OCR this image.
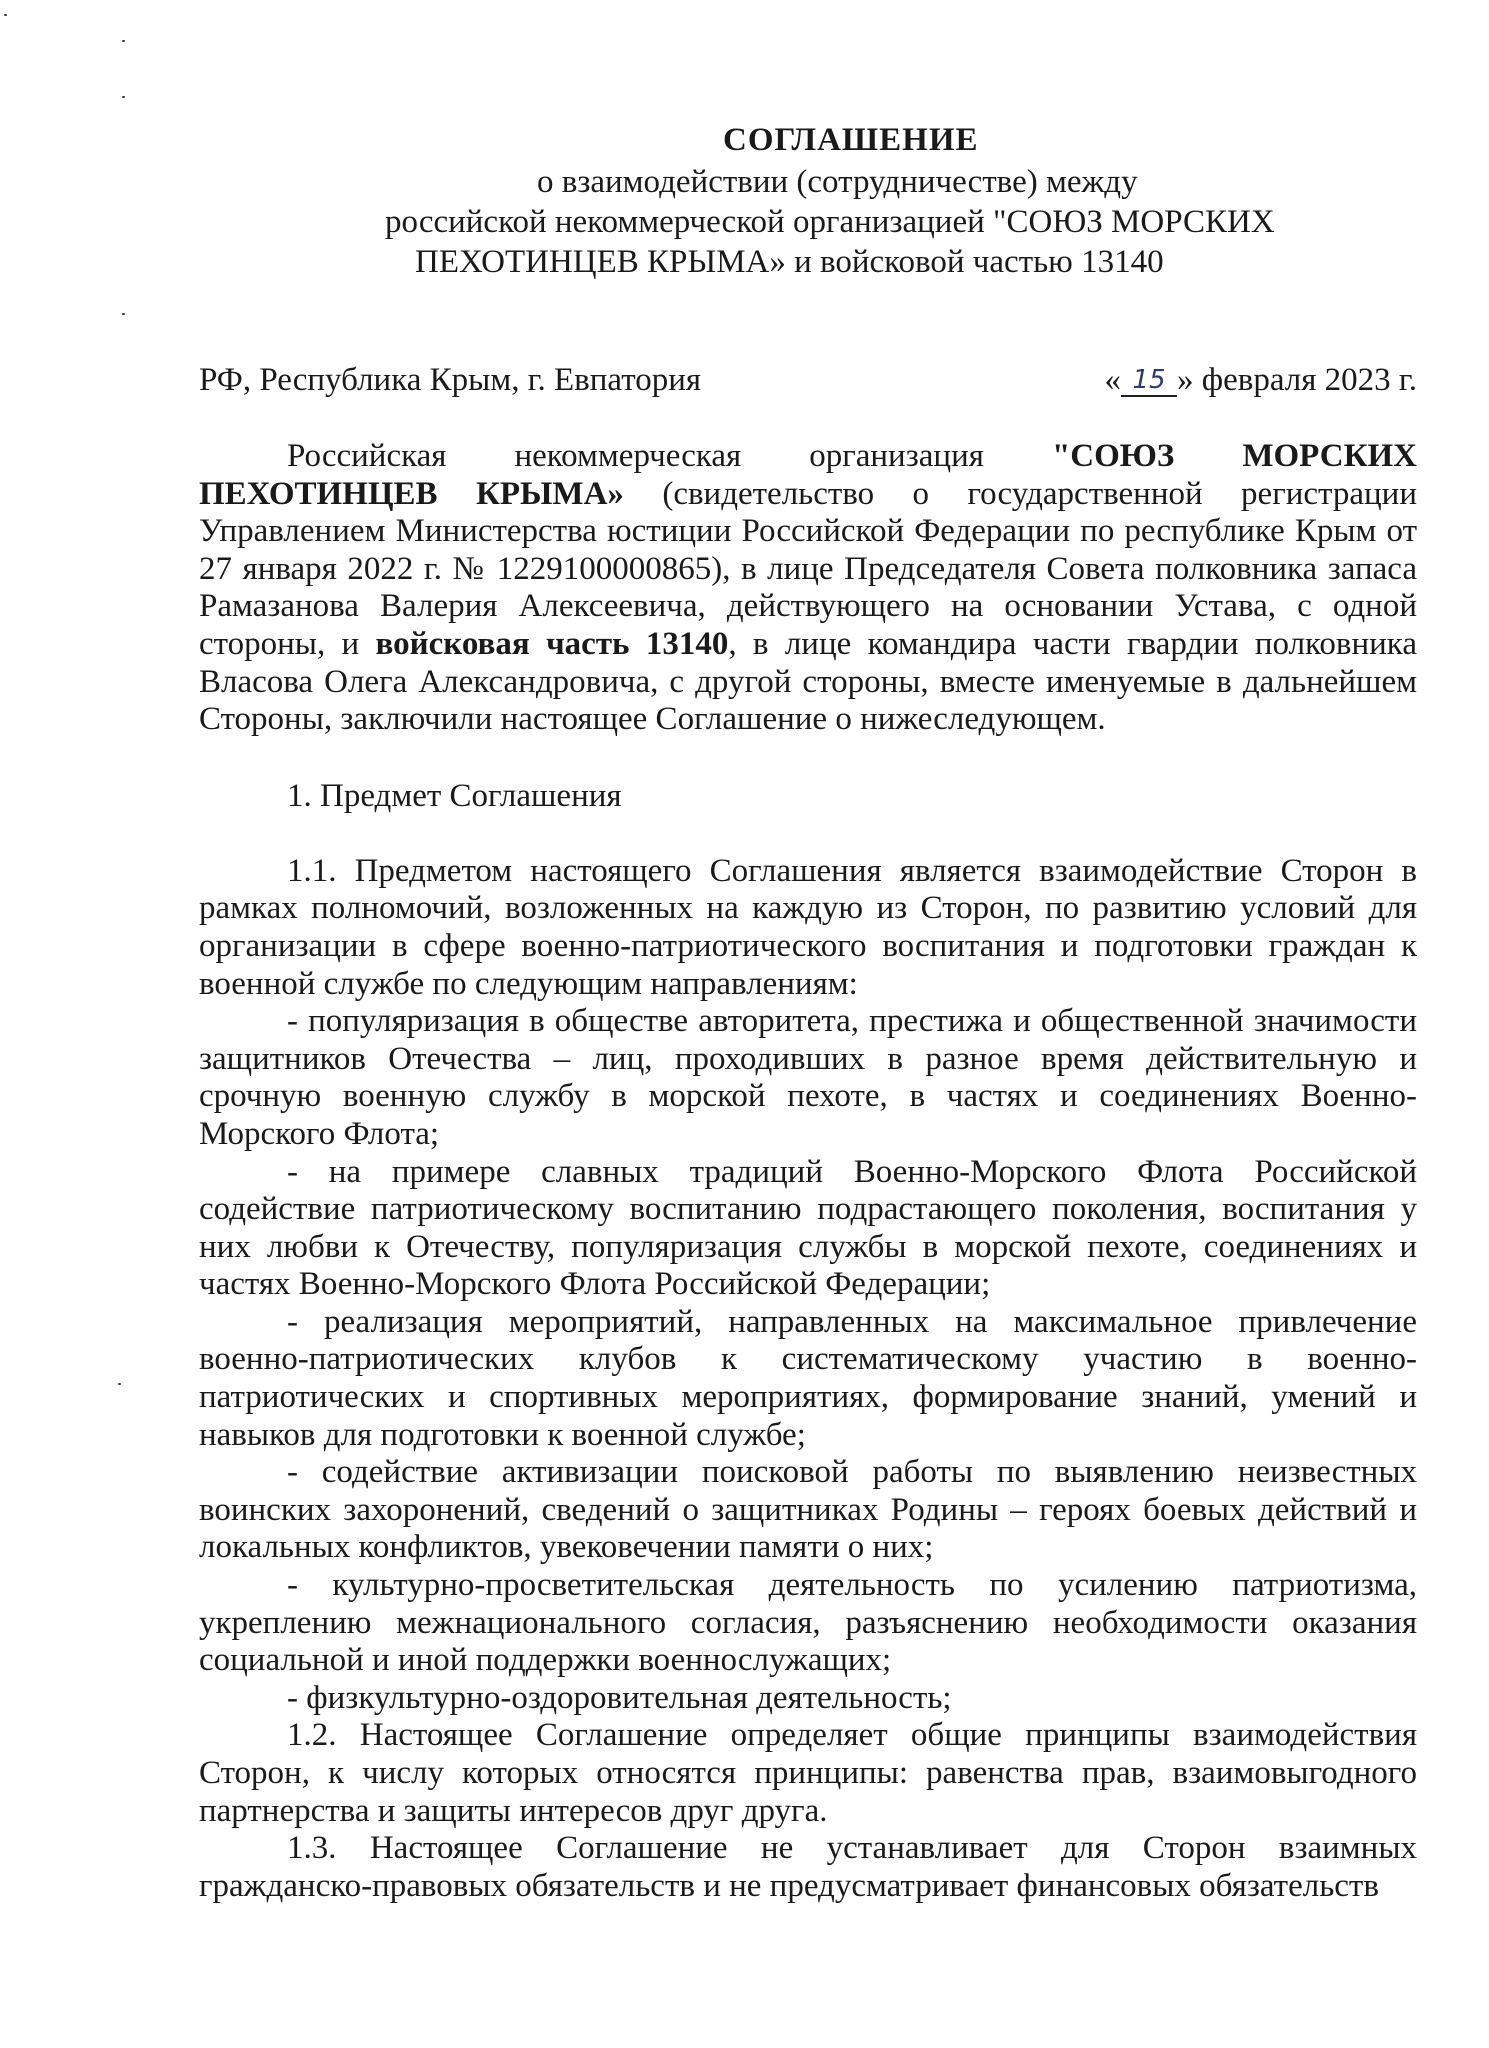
СОГЛАШЕНИЕ
о взаимодействии (сотрудничестве) между
российской некоммерческой организацией "СОЮЗ МОРСКИХ
ПЕХОТИНЦЕВ КРЫМА» и войсковой частью 13140
РФ, Республика Крым, г. Евпатория	« 15 » февраля 2023 г.

Российская некоммерческая организация "СОЮЗ МОРСКИХ ПЕХОТИНЦЕВ КРЫМА» (свидетельство о государственной регистрации Управлением Министерства юстиции Российской Федерации по республике Крым от 27 января 2022 г. № 1229100000865), в лице Председателя Совета полковника запаса Рамазанова Валерия Алексеевича, действующего на основании Устава, с одной стороны, и войсковая часть 13140, в лице командира части гвардии полковника Власова Олега Александровича, с другой стороны, вместе именуемые в дальнейшем Стороны, заключили настоящее Соглашение о нижеследующем.

1. Предмет Соглашения

1.1. Предметом настоящего Соглашения является взаимодействие Сторон в рамках полномочий, возложенных на каждую из Сторон, по развитию условий для организации в сфере военно-патриотического воспитания и подготовки граждан к военной службе по следующим направлениям:

- популяризация в обществе авторитета, престижа и общественной значимости защитников Отечества – лиц, проходивших в разное время действительную и срочную военную службу в морской пехоте, в частях и соединениях Военно-Морского Флота;

- на примере славных традиций Военно-Морского Флота Российской содействие патриотическому воспитанию подрастающего поколения, воспитания у них любви к Отечеству, популяризация службы в морской пехоте, соединениях и частях Военно-Морского Флота Российской Федерации;

- реализация мероприятий, направленных на максимальное привлечение военно-патриотических клубов к систематическому участию в военно-патриотических и спортивных мероприятиях, формирование знаний, умений и навыков для подготовки к военной службе;

- содействие активизации поисковой работы по выявлению неизвестных воинских захоронений, сведений о защитниках Родины – героях боевых действий и локальных конфликтов, увековечении памяти о них;

- культурно-просветительская деятельность по усилению патриотизма, укреплению межнационального согласия, разъяснению необходимости оказания социальной и иной поддержки военнослужащих;

- физкультурно-оздоровительная деятельность;

1.2. Настоящее Соглашение определяет общие принципы взаимодействия Сторон, к числу которых относятся принципы: равенства прав, взаимовыгодного партнерства и защиты интересов друг друга.

1.3. Настоящее Соглашение не устанавливает для Сторон взаимных гражданско-правовых обязательств и не предусматривает финансовых обязательств
